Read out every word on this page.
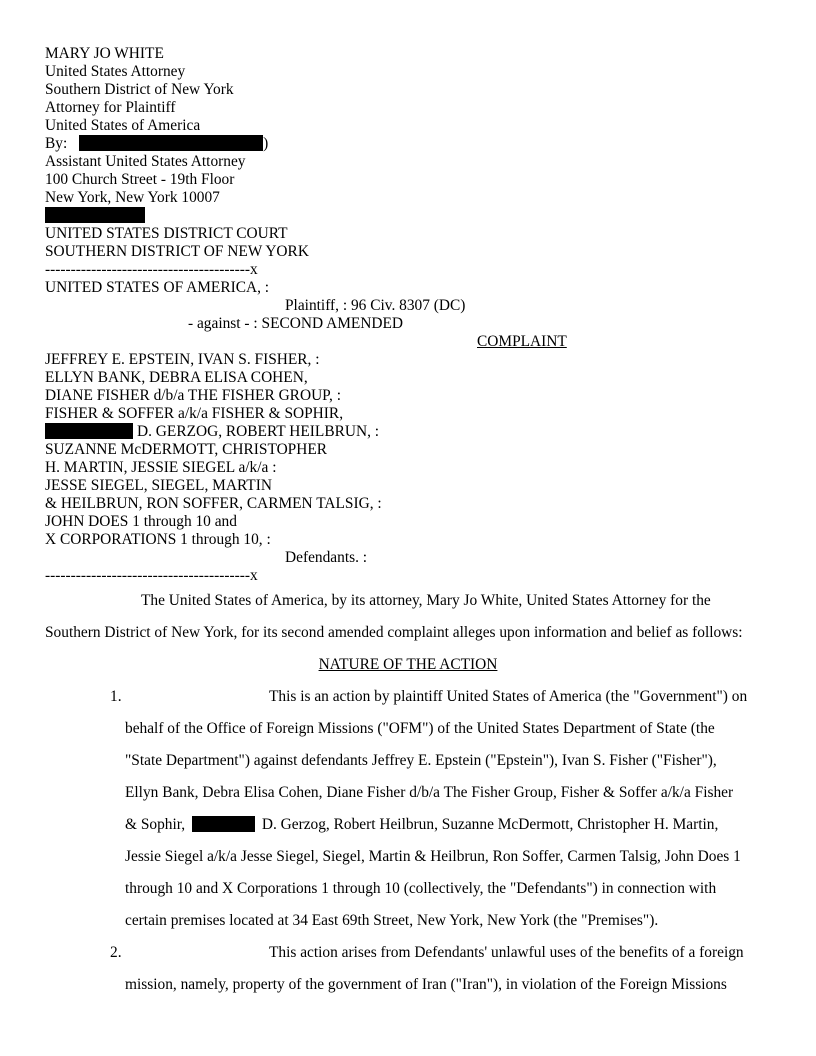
MARY JO WHITE
United States Attorney
Southern District of New York
Attorney for Plaintiff
United States of America
By:	)
Assistant United States Attorney
100 Church Street - 19th Floor
New York, New York 10007
UNITED STATES DISTRICT COURT
SOUTHERN DISTRICT OF NEW YORK
----------------------------------------x
UNITED STATES OF AMERICA, :
Plaintiff, : 96 Civ. 8307 (DC)
- against - : SECOND AMENDED
COMPLAINT
JEFFREY E. EPSTEIN, IVAN S. FISHER, :
ELLYN BANK, DEBRA ELISA COHEN,
DIANE FISHER d/b/a THE FISHER GROUP, :
FISHER & SOFFER a/k/a FISHER & SOPHIR,
D. GERZOG, ROBERT HEILBRUN, :
SUZANNE McDERMOTT, CHRISTOPHER
H. MARTIN, JESSIE SIEGEL a/k/a :
JESSE SIEGEL, SIEGEL, MARTIN
& HEILBRUN, RON SOFFER, CARMEN TALSIG, :
JOHN DOES 1 through 10 and
X CORPORATIONS 1 through 10, :
Defendants. :
----------------------------------------x
The United States of America, by its attorney, Mary Jo White, United States Attorney for the
Southern District of New York, for its second amended complaint alleges upon information and belief as follows:
NATURE OF THE ACTION
1.	This is an action by plaintiff United States of America (the "Government") on
behalf of the Office of Foreign Missions ("OFM") of the United States Department of State (the
"State Department") against defendants Jeffrey E. Epstein ("Epstein"), Ivan S. Fisher ("Fisher"),
Ellyn Bank, Debra Elisa Cohen, Diane Fisher d/b/a The Fisher Group, Fisher & Soffer a/k/a Fisher
& Sophir,	D. Gerzog, Robert Heilbrun, Suzanne McDermott, Christopher H. Martin,
Jessie Siegel a/k/a Jesse Siegel, Siegel, Martin & Heilbrun, Ron Soffer, Carmen Talsig, John Does 1
through 10 and X Corporations 1 through 10 (collectively, the "Defendants") in connection with
certain premises located at 34 East 69th Street, New York, New York (the "Premises").
2.	This action arises from Defendants' unlawful uses of the benefits of a foreign
mission, namely, property of the government of Iran ("Iran"), in violation of the Foreign Missions
